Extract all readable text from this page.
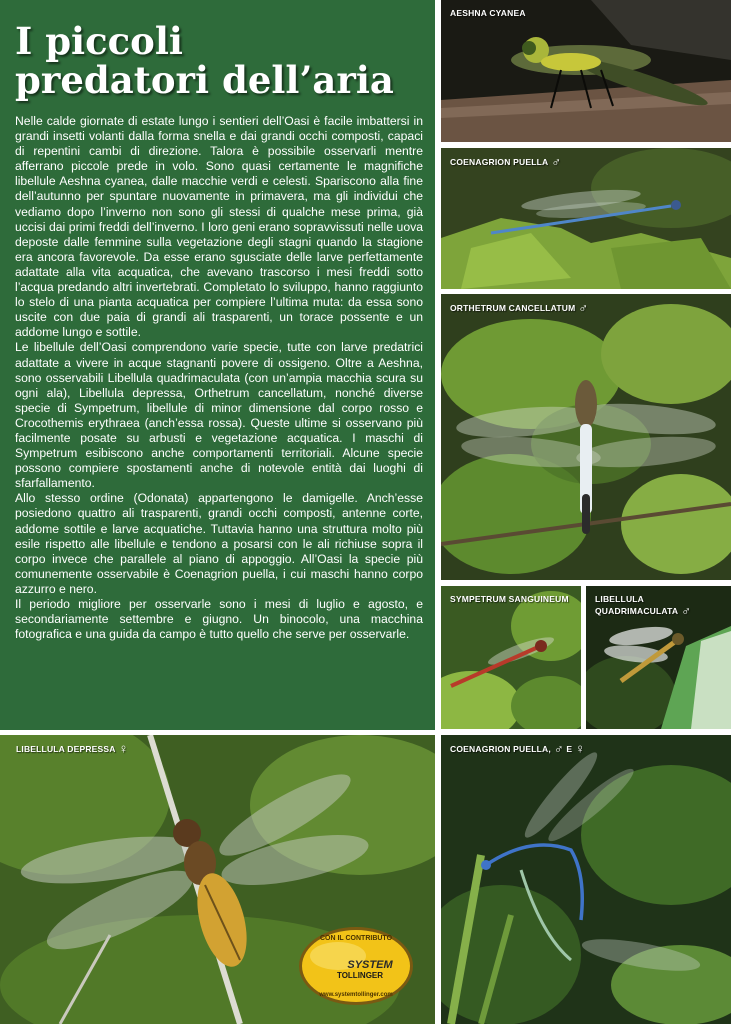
I piccoli
predatori dell’aria

Nelle calde giornate di estate lungo i sentieri dell’Oasi è facile imbattersi in grandi insetti volanti dalla forma snella e dai grandi occhi composti, capaci di repentini cambi di direzione. Talora è possibile osservarli mentre afferrano piccole prede in volo. Sono quasi certamente le magnifiche libellule Aeshna cyanea, dalle macchie verdi e celesti. Spariscono alla fine dell’autunno per spuntare nuovamente in primavera, ma gli individui che vediamo dopo l’inverno non sono gli stessi di qualche mese prima, già uccisi dai primi freddi dell’inverno. I loro geni erano sopravvissuti nelle uova deposte dalle femmine sulla vegetazione degli stagni quando la stagione era ancora favorevole. Da esse erano sgusciate delle larve perfettamente adattate alla vita acquatica, che avevano trascorso i mesi freddi sotto l’acqua predando altri invertebrati. Completato lo sviluppo, hanno raggiunto lo stelo di una pianta acquatica per compiere l’ultima muta: da essa sono uscite con due paia di grandi ali trasparenti, un torace possente e un addome lungo e sottile.

Le libellule dell’Oasi comprendono varie specie, tutte con larve predatrici adattate a vivere in acque stagnanti povere di ossigeno. Oltre a Aeshna, sono osservabili Libellula quadrimaculata (con un’ampia macchia scura su ogni ala), Libellula depressa, Orthetrum cancellatum, nonché diverse specie di Sympetrum, libellule di minor dimensione dal corpo rosso e Crocothemis erythraea (anch’essa rossa). Queste ultime si osservano più facilmente posate su arbusti e vegetazione acquatica. I maschi di Sympetrum esibiscono anche comportamenti territoriali. Alcune specie possono compiere spostamenti anche di notevole entità dai luoghi di sfarfallamento.

Allo stesso ordine (Odonata) appartengono le damigelle. Anch’esse posiedono quattro ali trasparenti, grandi occhi composti, antenne corte, addome sottile e larve acquatiche. Tuttavia hanno una struttura molto più esile rispetto alle libellule e tendono a posarsi con le ali richiuse sopra il corpo invece che parallele al piano di appoggio. All’Oasi la specie più comunemente osservabile è Coenagrion puella, i cui maschi hanno corpo azzurro e nero.

Il periodo migliore per osservarle sono i mesi di luglio e agosto, e secondariamente settembre e giugno. Un binocolo, una macchina fotografica e una guida da campo è tutto quello che serve per osservarle.

AESHNA CYANEA
COENAGRION PUELLA ♂
ORTHETRUM CANCELLATUM ♂
SYMPETRUM SANGUINEUM	LIBELLULA
QUADRIMACULATA ♂
LIBELLULA DEPRESSA ♀
CON IL CONTRIBUTO
SYSTEM
TOLLINGER
www.systemtollinger.com
COENAGRION PUELLA, ♂ E ♀
